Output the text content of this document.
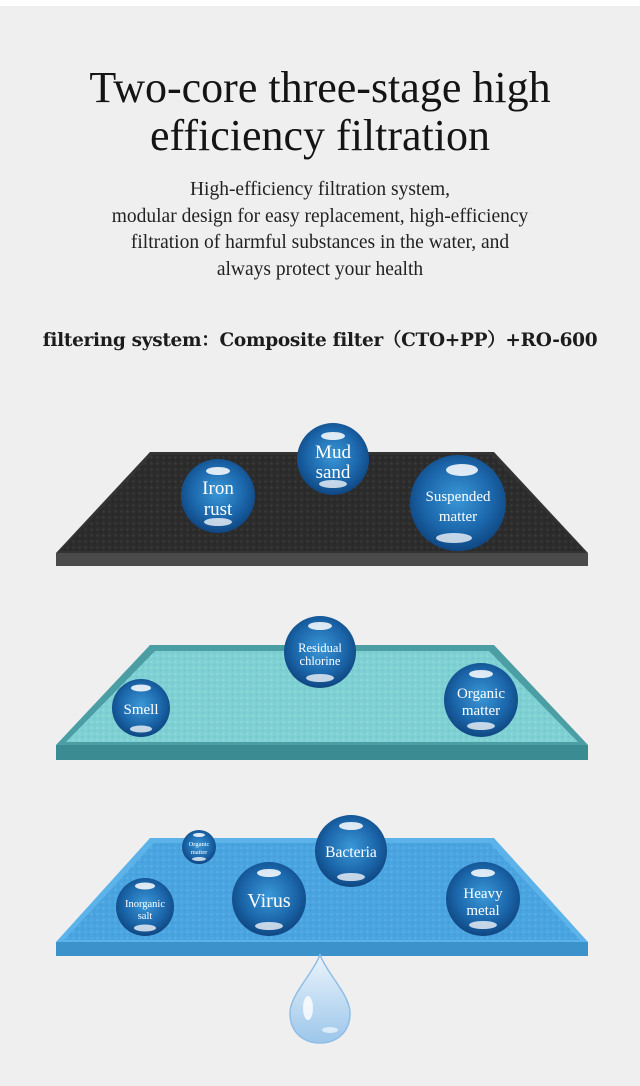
Two-core three-stage high
efficiency filtration

High-efficiency filtration system,
modular design for easy replacement, high-efficiency
filtration of harmful substances in the water, and
always protect your health

filtering system：Composite filter（CTO+PP）+RO-600
Mud
sand
Iron
rust
Suspended
matter
Residual
chlorine
Smell
Organic
matter
Organic
matter	Bacteria
Virus
Inorganic
salt
Heavy
metal
